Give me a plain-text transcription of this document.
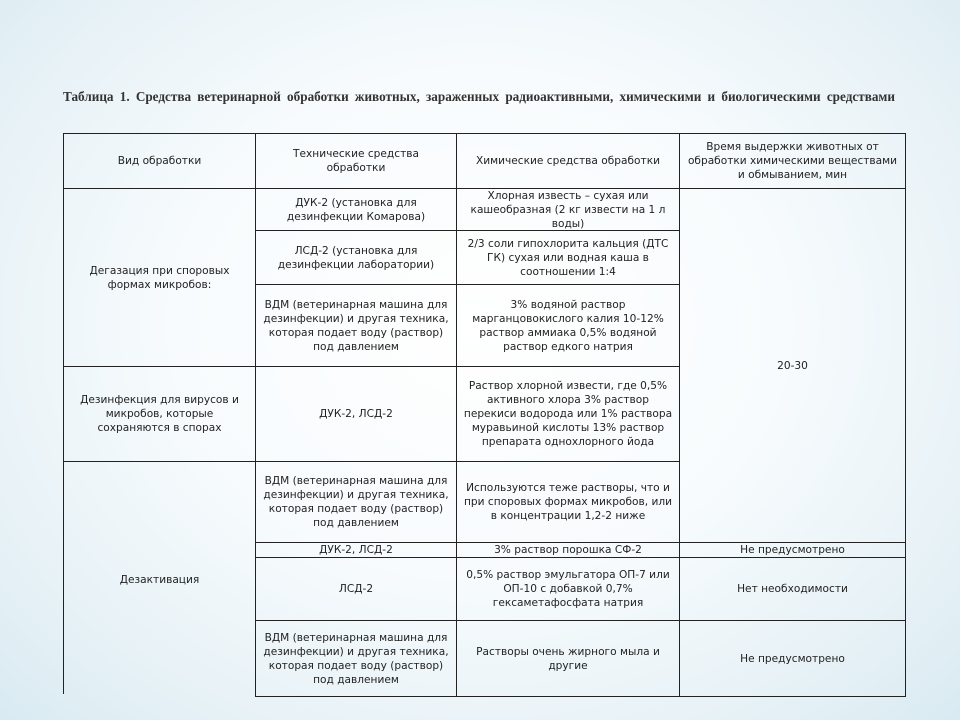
Таблица 1. Средства ветеринарной обработки животных, зараженных радиоактивными, химическими и биологическими средствами
Вид обработки
Технические средства обработки
Химические средства обработки
Время выдержки животных от обработки химическими веществами и обмыванием, мин
Дегазация при споровых формах микробов:
ДУК-2 (установка для дезинфекции Комарова)
Хлорная известь – сухая или кашеобразная (2 кг извести на 1 л воды)
ЛСД-2 (установка для дезинфекции лаборатории)
2/3 соли гипохлорита кальция (ДТС ГК) сухая или водная каша в соотношении 1:4
ВДМ (ветеринарная машина для дезинфекции) и другая техника, которая подает воду (раствор) под давлением
3% водяной раствор марганцовокислого калия 10-12% раствор аммиака 0,5% водяной раствор едкого натрия
20-30
Дезинфекция для вирусов и микробов, которые сохраняются в спорах
ДУК-2, ЛСД-2
Раствор хлорной извести, где 0,5% активного хлора 3% раствор перекиси водорода или 1% раствора муравьиной кислоты 13% раствор препарата однохлорного йода
Дезактивация
ВДМ (ветеринарная машина для дезинфекции) и другая техника, которая подает воду (раствор) под давлением
Используются теже растворы, что и при споровых формах микробов, или в концентрации 1,2-2 ниже
ДУК-2, ЛСД-2	3% раствор порошка СФ-2	Не предусмотрено
ЛСД-2
0,5% раствор эмульгатора ОП-7 или ОП-10 с добавкой 0,7% гексаметафосфата натрия
Нет необходимости
ВДМ (ветеринарная машина для дезинфекции) и другая техника, которая подает воду (раствор) под давлением
Растворы очень жирного мыла и другие
Не предусмотрено
